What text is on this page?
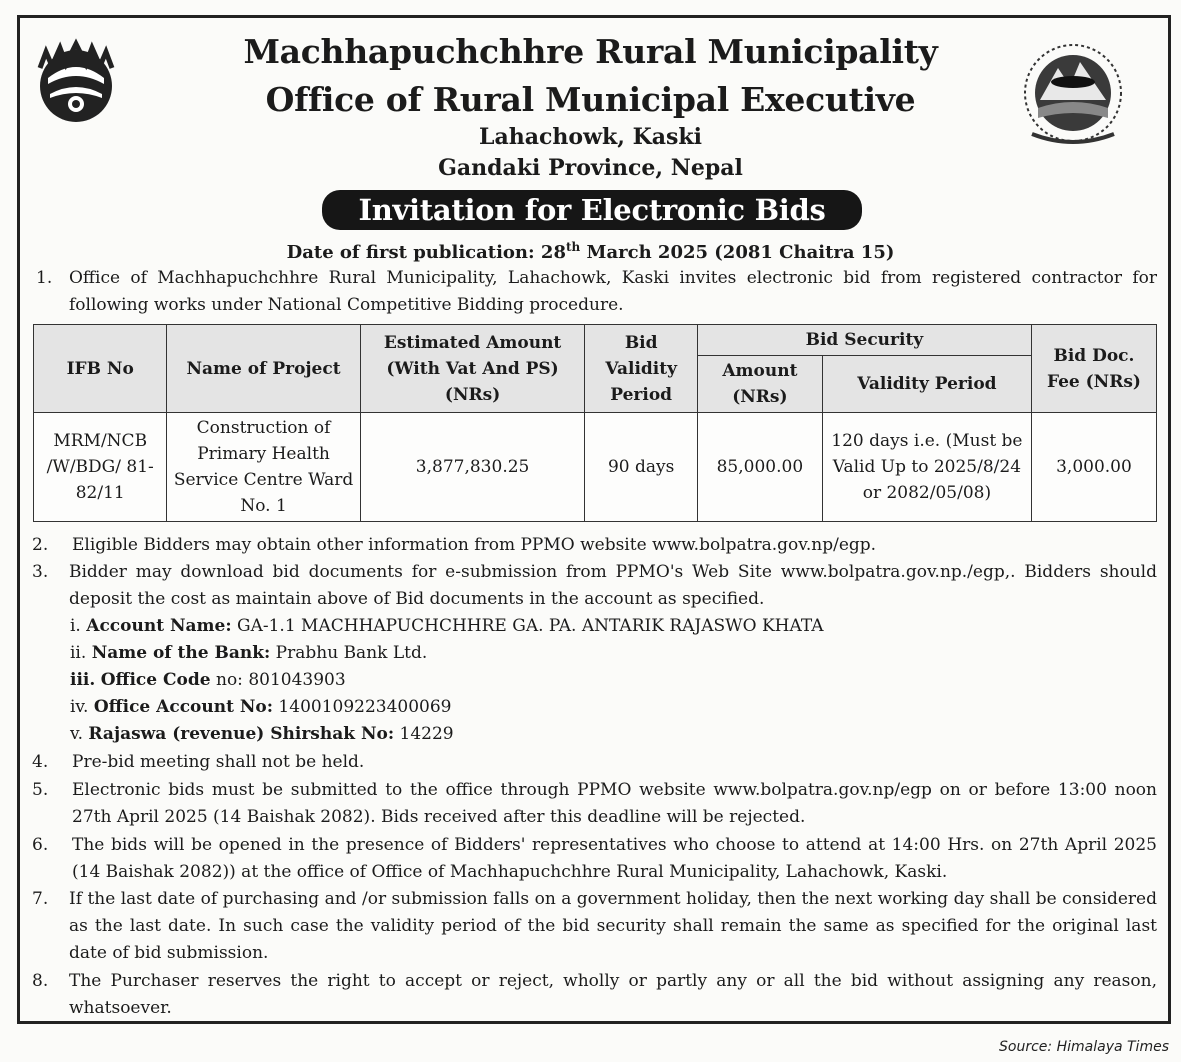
Machhapuchchhre Rural Municipality
Office of Rural Municipal Executive
Lahachowk, Kaski
Gandaki Province, Nepal
Invitation for Electronic Bids
Date of first publication: 28th March 2025 (2081 Chaitra 15)
1. Office of Machhapuchchhre Rural Municipality, Lahachowk, Kaski invites electronic bid from registered contractor for following works under National Competitive Bidding procedure.
IFB No	Name of Project	Estimated Amount (With Vat And PS) (NRs)	Bid Validity Period	Bid Security		Bid Doc. Fee (NRs)
				Amount (NRs)	Validity Period	
MRM/NCB /W/BDG/ 81-82/11	Construction of Primary Health Service Centre Ward No. 1	3,877,830.25	90 days	85,000.00	120 days i.e. (Must be Valid Up to 2025/8/24 or 2082/05/08)	3,000.00
2. Eligible Bidders may obtain other information from PPMO website www.bolpatra.gov.np/egp.
3. Bidder may download bid documents for e-submission from PPMO's Web Site www.bolpatra.gov.np./egp,. Bidders should deposit the cost as maintain above of Bid documents in the account as specified.
i. Account Name: GA-1.1 MACHHAPUCHCHHRE GA. PA. ANTARIK RAJASWO KHATA
ii. Name of the Bank: Prabhu Bank Ltd.
iii. Office Code no: 801043903
iv. Office Account No: 1400109223400069
v. Rajaswa (revenue) Shirshak No: 14229
4. Pre-bid meeting shall not be held.
5. Electronic bids must be submitted to the office through PPMO website www.bolpatra.gov.np/egp on or before 13:00 noon 27th April 2025 (14 Baishak 2082). Bids received after this deadline will be rejected.
6. The bids will be opened in the presence of Bidders' representatives who choose to attend at 14:00 Hrs. on 27th April 2025 (14 Baishak 2082)) at the office of Office of Machhapuchchhre Rural Municipality, Lahachowk, Kaski.
7. If the last date of purchasing and /or submission falls on a government holiday, then the next working day shall be considered as the last date. In such case the validity period of the bid security shall remain the same as specified for the original last date of bid submission.
8. The Purchaser reserves the right to accept or reject, wholly or partly any or all the bid without assigning any reason, whatsoever.
Source: Himalaya Times
